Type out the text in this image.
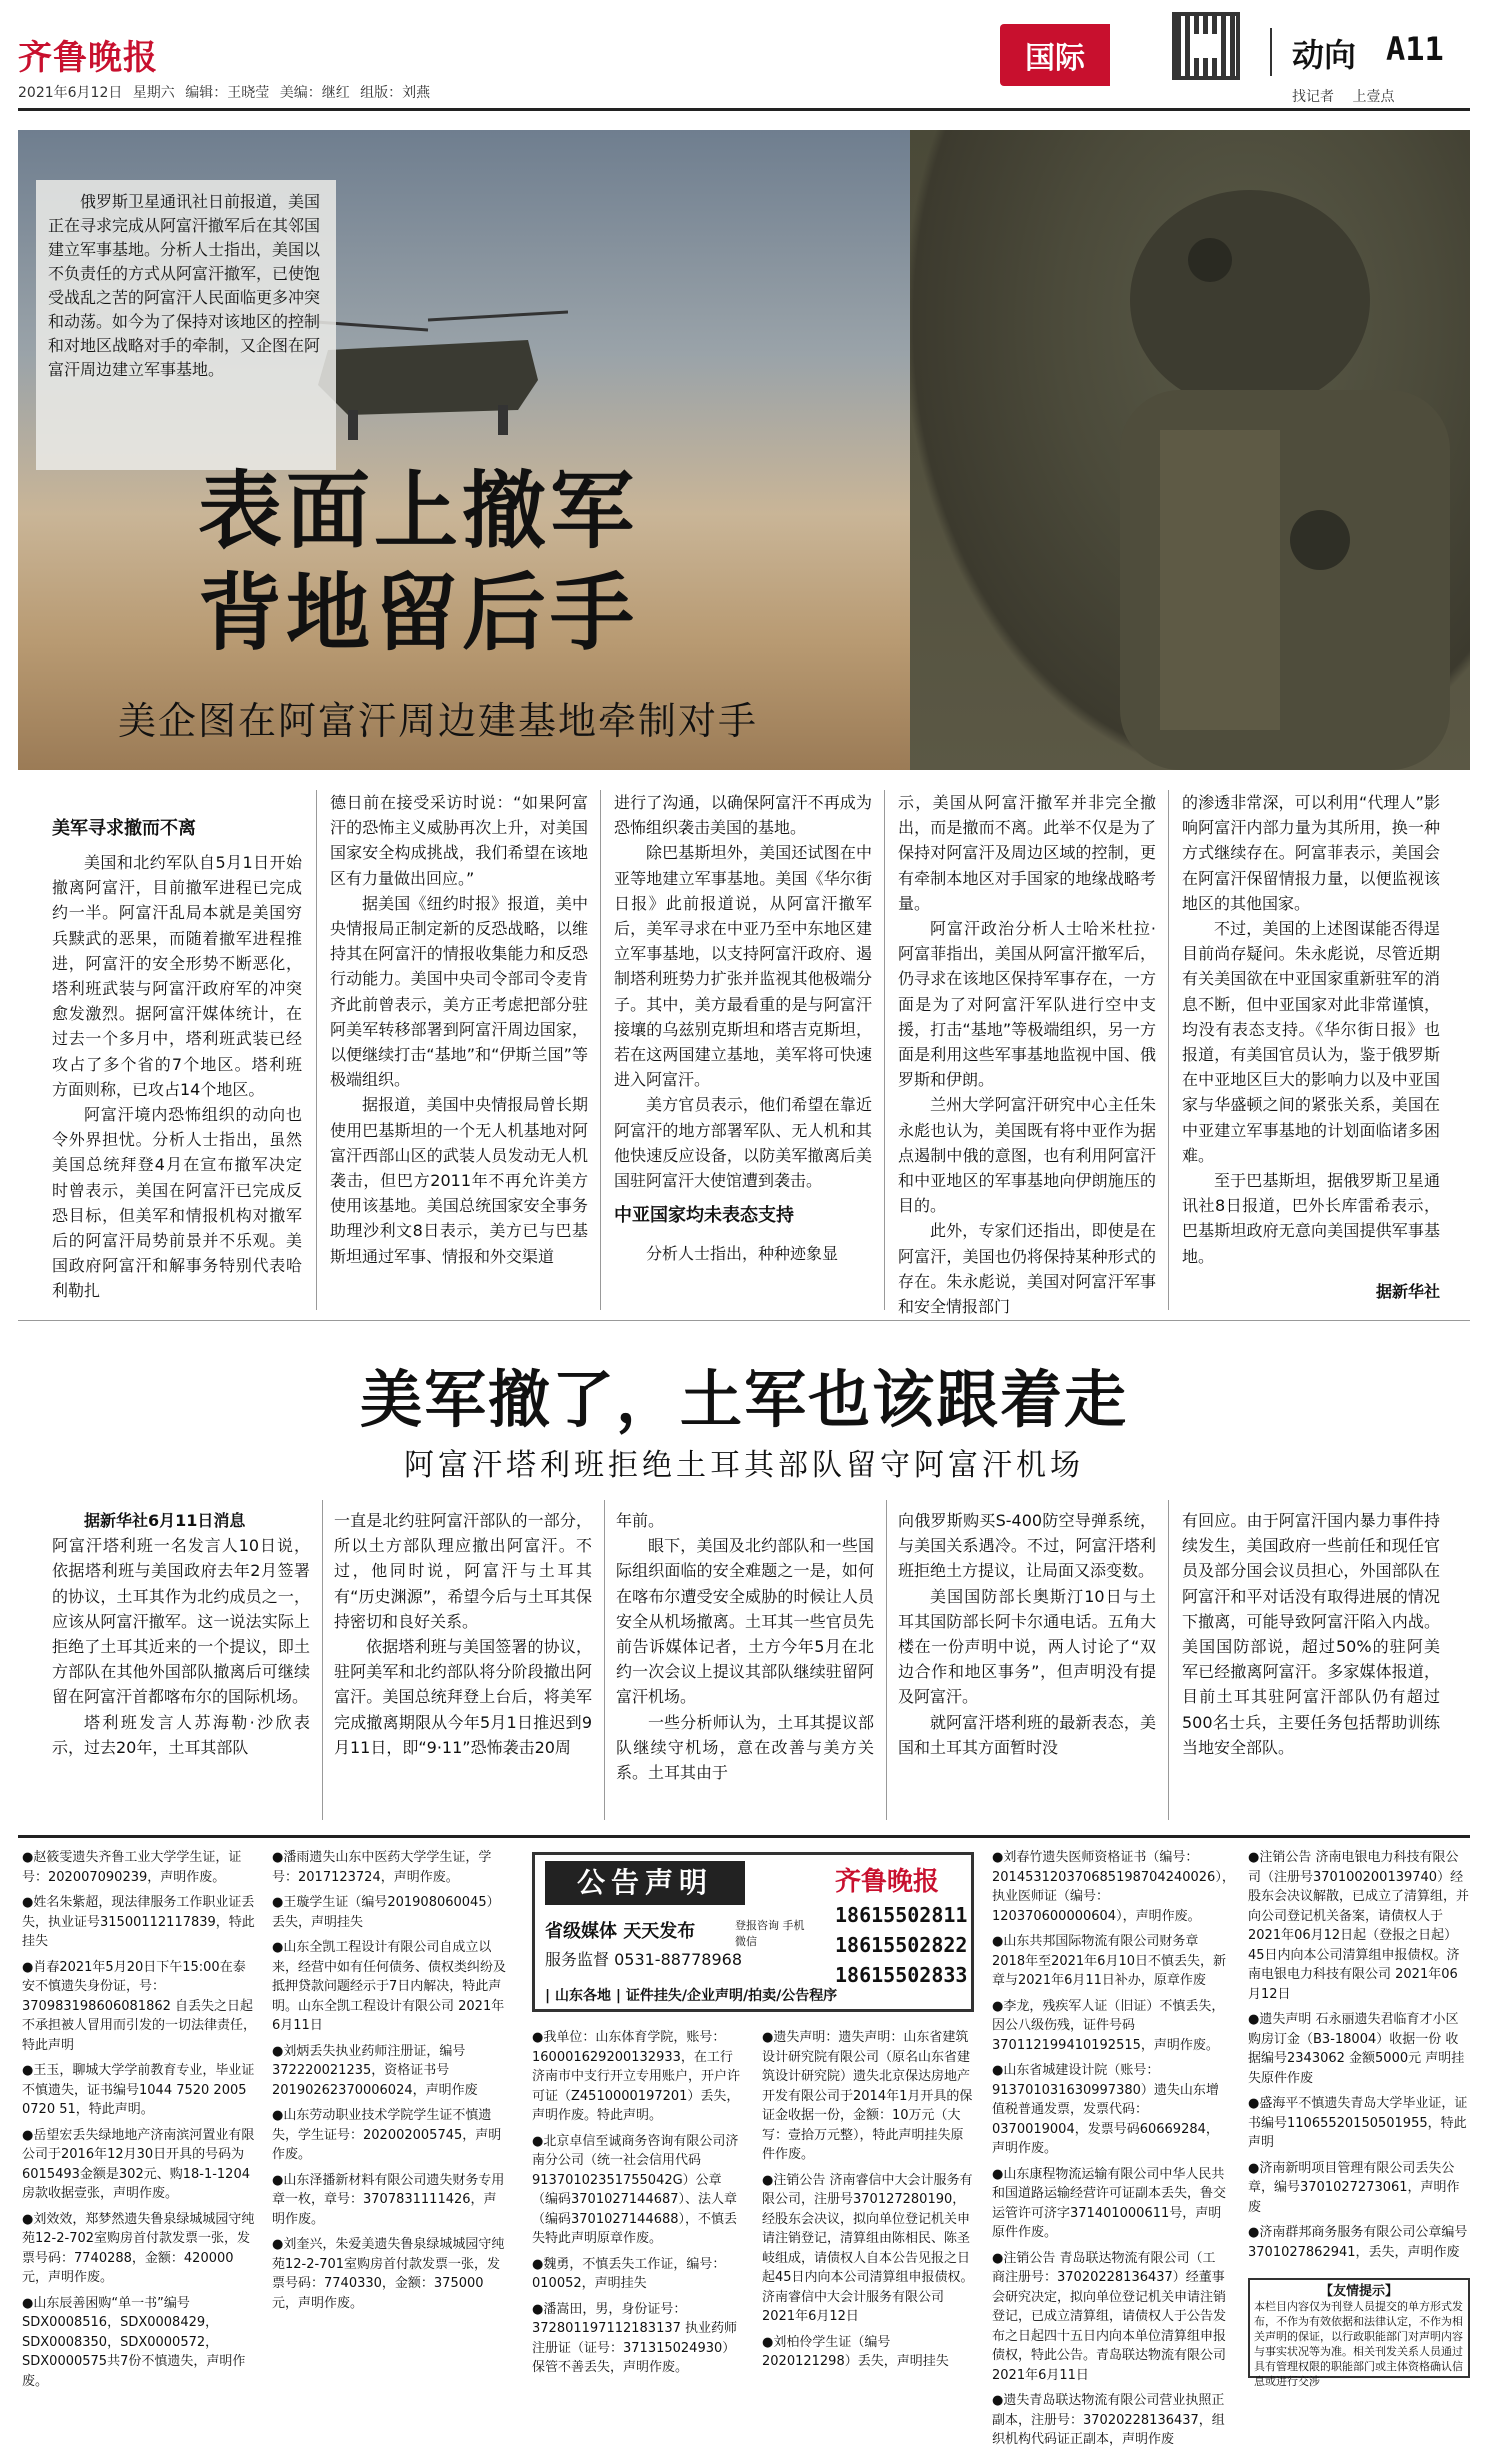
齐鲁晚报
2021年6月12日 星期六 编辑：王晓莹 美编：继红 组版：刘燕
国际	动向 A11
找记者 上壹点
俄罗斯卫星通讯社日前报道，美国正在寻求完成从阿富汗撤军后在其邻国建立军事基地。分析人士指出，美国以不负责任的方式从阿富汗撤军，已使饱受战乱之苦的阿富汗人民面临更多冲突和动荡。如今为了保持对该地区的控制和对地区战略对手的牵制，又企图在阿富汗周边建立军事基地。
表面上撤军
背地留后手
美企图在阿富汗周边建基地牵制对手
美军寻求撤而不离

美国和北约军队自5月1日开始撤离阿富汗，目前撤军进程已完成约一半。阿富汗乱局本就是美国穷兵黩武的恶果，而随着撤军进程推进，阿富汗的安全形势不断恶化，塔利班武装与阿富汗政府军的冲突愈发激烈。据阿富汗媒体统计，在过去一个多月中，塔利班武装已经攻占了多个省的7个地区。塔利班方面则称，已攻占14个地区。

阿富汗境内恐怖组织的动向也令外界担忧。分析人士指出，虽然美国总统拜登4月在宣布撤军决定时曾表示，美国在阿富汗已完成反恐目标，但美军和情报机构对撤军后的阿富汗局势前景并不乐观。美国政府阿富汗和解事务特别代表哈利勒扎

德日前在接受采访时说：“如果阿富汗的恐怖主义威胁再次上升，对美国国家安全构成挑战，我们希望在该地区有力量做出回应。”

据美国《纽约时报》报道，美中央情报局正制定新的反恐战略，以维持其在阿富汗的情报收集能力和反恐行动能力。美国中央司令部司令麦肯齐此前曾表示，美方正考虑把部分驻阿美军转移部署到阿富汗周边国家，以便继续打击“基地”和“伊斯兰国”等极端组织。

据报道，美国中央情报局曾长期使用巴基斯坦的一个无人机基地对阿富汗西部山区的武装人员发动无人机袭击，但巴方2011年不再允许美方使用该基地。美国总统国家安全事务助理沙利文8日表示，美方已与巴基斯坦通过军事、情报和外交渠道

进行了沟通，以确保阿富汗不再成为恐怖组织袭击美国的基地。

除巴基斯坦外，美国还试图在中亚等地建立军事基地。美国《华尔街日报》此前报道说，从阿富汗撤军后，美军寻求在中亚乃至中东地区建立军事基地，以支持阿富汗政府、遏制塔利班势力扩张并监视其他极端分子。其中，美方最看重的是与阿富汗接壤的乌兹别克斯坦和塔吉克斯坦，若在这两国建立基地，美军将可快速进入阿富汗。

美方官员表示，他们希望在靠近阿富汗的地方部署军队、无人机和其他快速反应设备，以防美军撤离后美国驻阿富汗大使馆遭到袭击。

中亚国家均未表态支持

分析人士指出，种种迹象显

示，美国从阿富汗撤军并非完全撤出，而是撤而不离。此举不仅是为了保持对阿富汗及周边区域的控制，更有牵制本地区对手国家的地缘战略考量。

阿富汗政治分析人士哈米杜拉·阿富菲指出，美国从阿富汗撤军后，仍寻求在该地区保持军事存在，一方面是为了对阿富汗军队进行空中支援，打击“基地”等极端组织，另一方面是利用这些军事基地监视中国、俄罗斯和伊朗。

兰州大学阿富汗研究中心主任朱永彪也认为，美国既有将中亚作为据点遏制中俄的意图，也有利用阿富汗和中亚地区的军事基地向伊朗施压的目的。

此外，专家们还指出，即使是在阿富汗，美国也仍将保持某种形式的存在。朱永彪说，美国对阿富汗军事和安全情报部门

的渗透非常深，可以利用“代理人”影响阿富汗内部力量为其所用，换一种方式继续存在。阿富菲表示，美国会在阿富汗保留情报力量，以便监视该地区的其他国家。

不过，美国的上述图谋能否得逞目前尚存疑问。朱永彪说，尽管近期有关美国欲在中亚国家重新驻军的消息不断，但中亚国家对此非常谨慎，均没有表态支持。《华尔街日报》也报道，有美国官员认为，鉴于俄罗斯在中亚地区巨大的影响力以及中亚国家与华盛顿之间的紧张关系，美国在中亚建立军事基地的计划面临诸多困难。

至于巴基斯坦，据俄罗斯卫星通讯社8日报道，巴外长库雷希表示，巴基斯坦政府无意向美国提供军事基地。

据新华社
美军撤了，土军也该跟着走
阿富汗塔利班拒绝土耳其部队留守阿富汗机场
据新华社6月11日消息

阿富汗塔利班一名发言人10日说，依据塔利班与美国政府去年2月签署的协议，土耳其作为北约成员之一，应该从阿富汗撤军。这一说法实际上拒绝了土耳其近来的一个提议，即土方部队在其他外国部队撤离后可继续留在阿富汗首都喀布尔的国际机场。

塔利班发言人苏海勒·沙欣表示，过去20年，土耳其部队

一直是北约驻阿富汗部队的一部分，所以土方部队理应撤出阿富汗。不过，他同时说，阿富汗与土耳其有“历史渊源”，希望今后与土耳其保持密切和良好关系。

依据塔利班与美国签署的协议，驻阿美军和北约部队将分阶段撤出阿富汗。美国总统拜登上台后，将美军完成撤离期限从今年5月1日推迟到9月11日，即“9·11”恐怖袭击20周

年前。

眼下，美国及北约部队和一些国际组织面临的安全难题之一是，如何在喀布尔遭受安全威胁的时候让人员安全从机场撤离。土耳其一些官员先前告诉媒体记者，土方今年5月在北约一次会议上提议其部队继续驻留阿富汗机场。

一些分析师认为，土耳其提议部队继续守机场，意在改善与美方关系。土耳其由于

向俄罗斯购买S-400防空导弹系统，与美国关系遇冷。不过，阿富汗塔利班拒绝土方提议，让局面又添变数。

美国国防部长奥斯汀10日与土耳其国防部长阿卡尔通电话。五角大楼在一份声明中说，两人讨论了“双边合作和地区事务”，但声明没有提及阿富汗。

就阿富汗塔利班的最新表态，美国和土耳其方面暂时没

有回应。由于阿富汗国内暴力事件持续发生，美国政府一些前任和现任官员及部分国会议员担心，外国部队在阿富汗和平对话没有取得进展的情况下撤离，可能导致阿富汗陷入内战。美国国防部说，超过50%的驻阿美军已经撤离阿富汗。多家媒体报道，目前土耳其驻阿富汗部队仍有超过500名士兵，主要任务包括帮助训练当地安全部队。

●赵筱雯遗失齐鲁工业大学学生证，证号：202007090239，声明作废。

●姓名朱紫超，现法律服务工作职业证丢失，执业证号31500112117839，特此挂失

●肖春2021年5月20日下午15:00在泰安不慎遗失身份证，号：370983198606081862 自丢失之日起不承担被人冒用而引发的一切法律责任，特此声明

●王玉，聊城大学学前教育专业，毕业证不慎遗失，证书编号1044 7520 2005 0720 51，特此声明。

●岳望宏丢失绿地地产济南滨河置业有限公司于2016年12月30日开具的号码为6015493金额是302元、购18-1-1204房款收据壹张，声明作废。

●刘效效，郑梦然遗失鲁泉绿城城园守纯苑12-2-702室购房首付款发票一张，发票号码：7740288，金额：420000元，声明作废。

●山东辰善困购“单一书”编号SDX0008516，SDX0008429，SDX0008350，SDX0000572，SDX0000575共7份不慎遗失，声明作废。

●潘雨遗失山东中医药大学学生证，学号：2017123724，声明作废。

●王璇学生证（编号201908060045）丢失，声明挂失

●山东全凯工程设计有限公司自成立以来，经营中如有任何债务、债权类纠纷及抵押贷款问题经示于7日内解决，特此声明。山东全凯工程设计有限公司 2021年6月11日

●刘炳丢失执业药师注册证，编号372220021235，资格证书号20190262370006024，声明作废

●山东劳动职业技术学院学生证不慎遗失，学生证号：202002005745，声明作废。

●山东泽播新材料有限公司遗失财务专用章一枚，章号：3707831111426，声明作废。

●刘奎兴，朱爱美遗失鲁泉绿城城园守纯苑12-2-701室购房首付款发票一张，发票号码：7740330，金额：375000元，声明作废。

公告声明	齐鲁晚报
省级媒体 天天发布	登报咨询 手机微信
服务监督 0531-88778968
18615502811
18615502822
18615502833
| 山东各地 | 证件挂失/企业声明/拍卖/公告程序

●我单位：山东体育学院，账号：160001629200132933，在工行济南市中支行开立专用账户，开户许可证（Z4510000197201）丢失，声明作废。特此声明。

●北京卓信至诚商务咨询有限公司济南分公司（统一社会信用代码91370102351755042G）公章（编码3701027144687）、法人章（编码3701027144688），不慎丢失特此声明原章作废。

●魏勇，不慎丢失工作证，编号：010052，声明挂失

●潘嵩田，男，身份证号：372801197112183137 执业药师注册证（证号：371315024930）保管不善丢失，声明作废。

●遗失声明：遗失声明：山东省建筑设计研究院有限公司（原名山东省建筑设计研究院）遗失北京保达房地产开发有限公司于2014年1月开具的保证金收据一份，金额：10万元（大写：壹拾万元整），特此声明挂失原件作废。

●注销公告 济南睿信中大会计服务有限公司，注册号370127280190，经股东会决议，拟向单位登记机关申请注销登记，清算组由陈相民、陈圣岐组成，请债权人自本公告见报之日起45日内向本公司清算组申报债权。济南睿信中大会计服务有限公司 2021年6月12日

●刘柏伶学生证（编号2020121298）丢失，声明挂失

●刘春竹遗失医师资格证书（编号：201453120370685198704240026），执业医师证（编号：120370600000604），声明作废。

●山东共邦国际物流有限公司财务章2018年至2021年6月10日不慎丢失，新章与2021年6月11日补办，原章作废

●李龙，残疾军人证（旧证）不慎丢失，因公八级伤残，证件号码370112199410192515，声明作废。

●山东省城建设计院（账号：913701031630997380）遗失山东增值税普通发票，发票代码：0370019004，发票号码60669284，声明作废。

●山东康程物流运输有限公司中华人民共和国道路运输经营许可证副本丢失，鲁交运管许可济字371401000611号，声明原件作废。

●注销公告 青岛联达物流有限公司（工商注册号：37020228136437）经董事会研究决定，拟向单位登记机关申请注销登记，已成立清算组，请债权人于公告发布之日起四十五日内向本单位清算组申报债权，特此公告。青岛联达物流有限公司 2021年6月11日

●遗失青岛联达物流有限公司营业执照正副本，注册号：37020228136437，组织机构代码证正副本，声明作废

●注销公告 济南电银电力科技有限公司（注册号370100200139740）经股东会决议解散，已成立了清算组，并向公司登记机关备案，请债权人于2021年06月12日起（登报之日起）45日内向本公司清算组申报债权。济南电银电力科技有限公司 2021年06月12日

●遗失声明 石永丽遗失君临育才小区购房订金（B3-18004）收据一份 收据编号2343062 金额5000元 声明挂失原件作废

●盛海平不慎遗失青岛大学毕业证，证书编号11065520150501955，特此声明

●济南新明项目管理有限公司丢失公章，编号3701027273061，声明作废

●济南群邦商务服务有限公司公章编号3701027862941，丢失，声明作废

【友情提示】
本栏目内容仅为刊登人员提交的单方形式发布，不作为有效依据和法律认定，不作为相关声明的保证，以行政职能部门对声明内容与事实状况等为准。相关刊发关系人员通过具有管理权限的职能部门或主体资格确认信息或进行交涉
